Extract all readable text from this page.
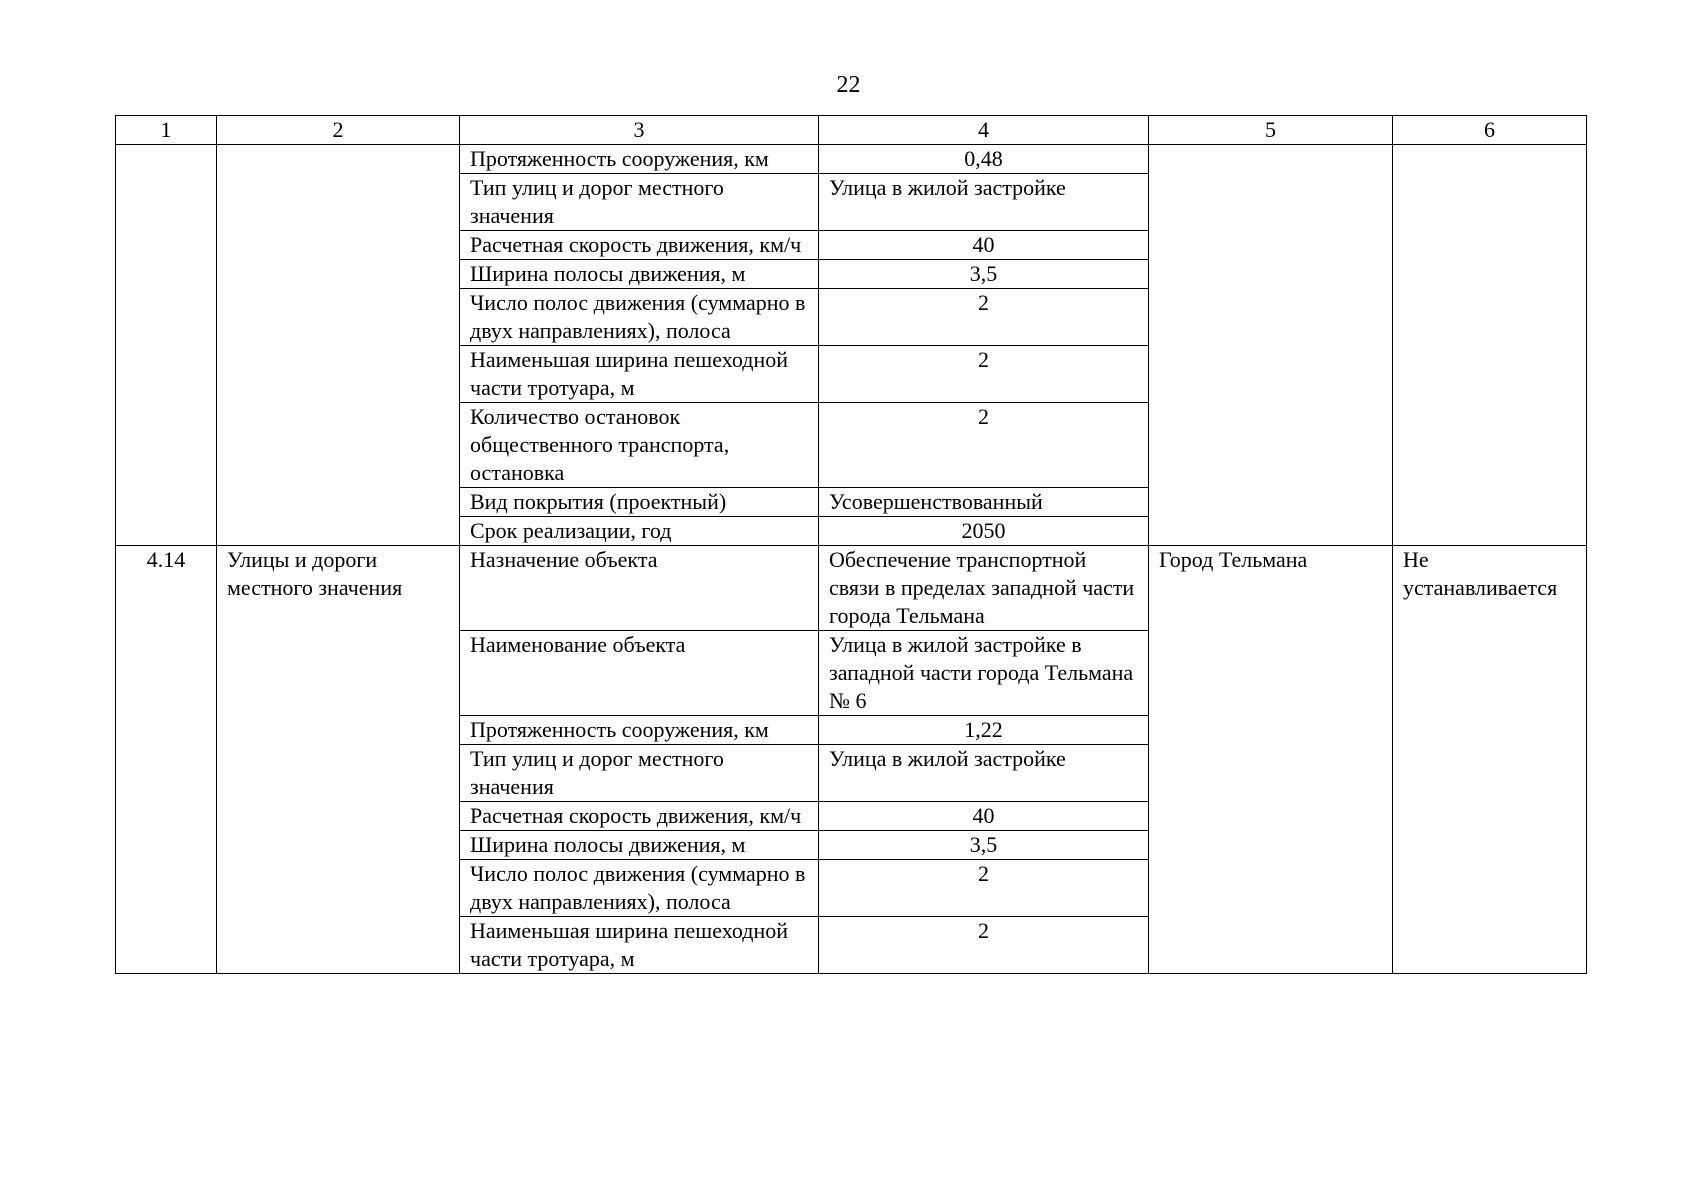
22
1	2	3	4	5	6
		Протяженность сооружения, км	0,48		
		Тип улиц и дорог местного значения	Улица в жилой застройке		
		Расчетная скорость движения, км/ч	40		
		Ширина полосы движения, м	3,5		
		Число полос движения (суммарно в двух направлениях), полоса	2		
		Наименьшая ширина пешеходной части тротуара, м	2		
		Количество остановок общественного транспорта, остановка	2		
		Вид покрытия (проектный)	Усовершенствованный		
		Срок реализации, год	2050		
4.14	Улицы и дороги местного значения	Назначение объекта	Обеспечение транспортной связи в пределах западной части города Тельмана	Город Тельмана	Не устанавливается
		Наименование объекта	Улица в жилой застройке в западной части города Тельмана № 6		
		Протяженность сооружения, км	1,22		
		Тип улиц и дорог местного значения	Улица в жилой застройке		
		Расчетная скорость движения, км/ч	40		
		Ширина полосы движения, м	3,5		
		Число полос движения (суммарно в двух направлениях), полоса	2		
		Наименьшая ширина пешеходной части тротуара, м	2		
